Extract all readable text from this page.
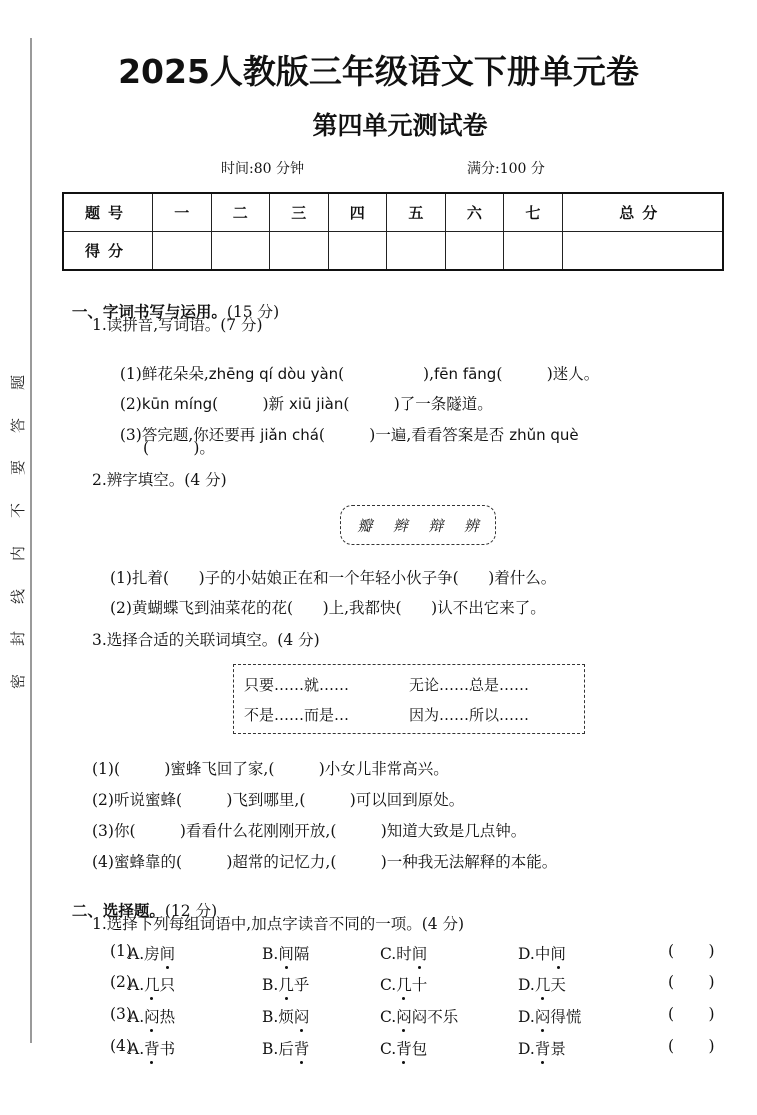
密
封
线
内
不
要
答
题
2025人教版三年级语文下册单元卷
第四单元测试卷
时间:80 分钟	满分:100 分
题号	一	二	三	四	五	六	七	总分
得分								

一、字词书写与运用。(15 分)

1.读拼音,写词语。(7 分)

(1)鲜花朵朵,zhēng qí dòu yàn(                ),fēn fāng(         )迷人。

(2)kūn míng(         )新 xiū jiàn(         )了一条隧道。

(3)答完题,你还要再 jiǎn chá(         )一遍,看看答案是否 zhǔn què

(         )。
2.辨字填空。(4 分)
瓣 辫 辩 辨
(1)扎着(      )子的小姑娘正在和一个年轻小伙子争(      )着什么。
(2)黄蝴蝶飞到油菜花的花(      )上,我都快(      )认不出它来了。
3.选择合适的关联词填空。(4 分)
只要……就……	无论……总是……
不是……而是…	因为……所以……
(1)(         )蜜蜂飞回了家,(         )小女儿非常高兴。
(2)听说蜜蜂(         )飞到哪里,(         )可以回到原处。
(3)你(         )看看什么花刚刚开放,(         )知道大致是几点钟。
(4)蜜蜂靠的(         )超常的记忆力,(         )一种我无法解释的本能。

二、选择题。(12 分)

1.选择下列每组词语中,加点字读音不同的一项。(4 分)
(1)
A.房间	B.间隔	C.时间	D.中间	(       )
(2)
A.几只	B.几乎	C.几十	D.几天	(       )
(3)
A.闷热	B.烦闷	C.闷闷不乐	D.闷得慌	(       )
(4)
A.背书	B.后背	C.背包	D.背景	(       )
